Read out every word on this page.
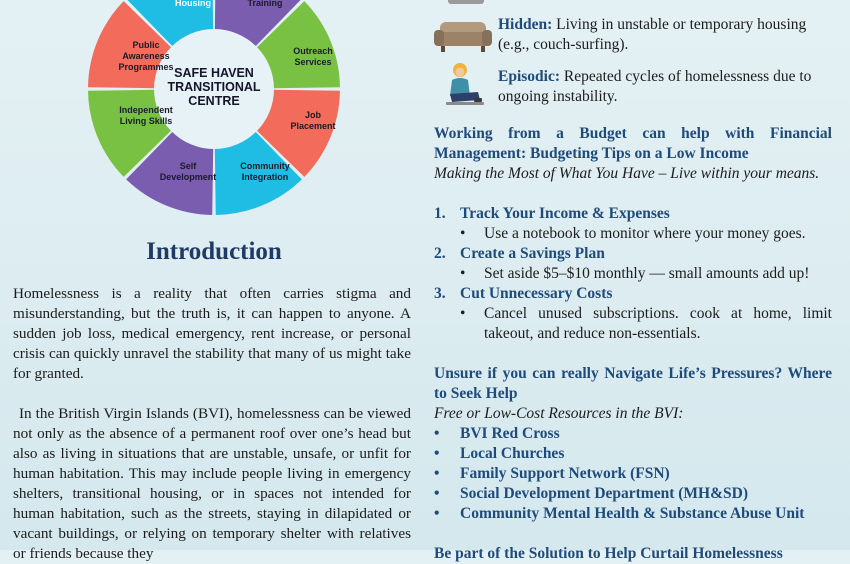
SAFE HAVEN
TRANSITIONAL
CENTRE
Housing	Training
Outreach
Services
Job
Placement
Community
Integration
Self
Development
Independent
Living Skills
Public
Awareness
Programmes
Introduction
Homelessness is a reality that often carries stigma and misunderstanding, but the truth is, it can happen to anyone. A sudden job loss, medical emergency, rent increase, or personal crisis can quickly unravel the stability that many of us might take for granted.
In the British Virgin Islands (BVI), homelessness can be viewed not only as the absence of a permanent roof over one’s head but also as living in situations that are unstable, unsafe, or unfit for human habitation. This may include people living in emergency shelters, transitional housing, or in spaces not intended for human habitation, such as the streets, staying in dilapidated or vacant buildings, or relying on temporary shelter with relatives or friends because they
Hidden: Living in unstable or temporary housing (e.g., couch-surfing).
Episodic: Repeated cycles of homelessness due to ongoing instability.
Working from a Budget can help with Financial Management: Budgeting Tips on a Low Income
Making the Most of What You Have – Live within your means.
1. Track Your Income & Expenses
•	Use a notebook to monitor where your money goes.
2. Create a Savings Plan
•	Set aside $5–$10 monthly — small amounts add up!
3. Cut Unnecessary Costs
•	Cancel unused subscriptions. cook at home, limit takeout, and reduce non-essentials.
Unsure if you can really Navigate Life’s Pressures? Where to Seek Help
Free or Low-Cost Resources in the BVI:
• BVI Red Cross
• Local Churches
• Family Support Network (FSN)
• Social Development Department (MH&SD)
• Community Mental Health & Substance Abuse Unit
Be part of the Solution to Help Curtail Homelessness
